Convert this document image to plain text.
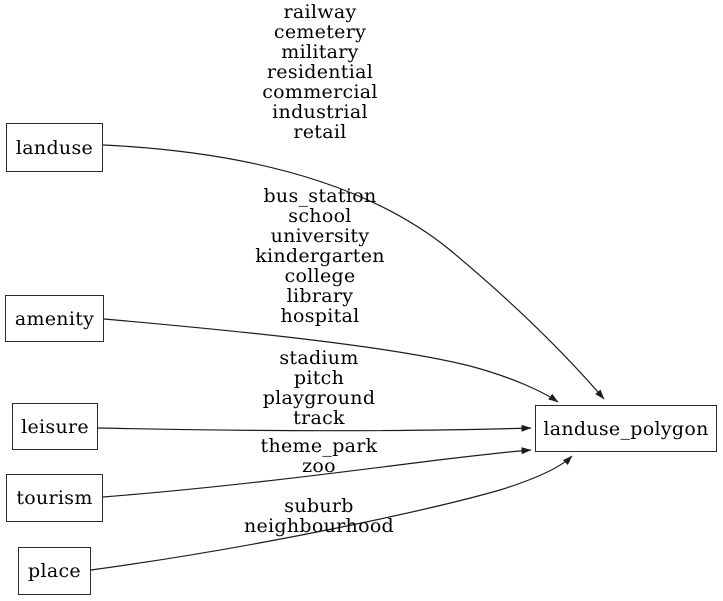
railway
cemetery
military
residential
commercial
industrial
retail
bus_station
school
university
kindergarten
college
library
hospital
stadium
pitch
playground
track
theme_park
zoo
suburb
neighbourhood
landuse
amenity
leisure
tourism
place
landuse_polygon
